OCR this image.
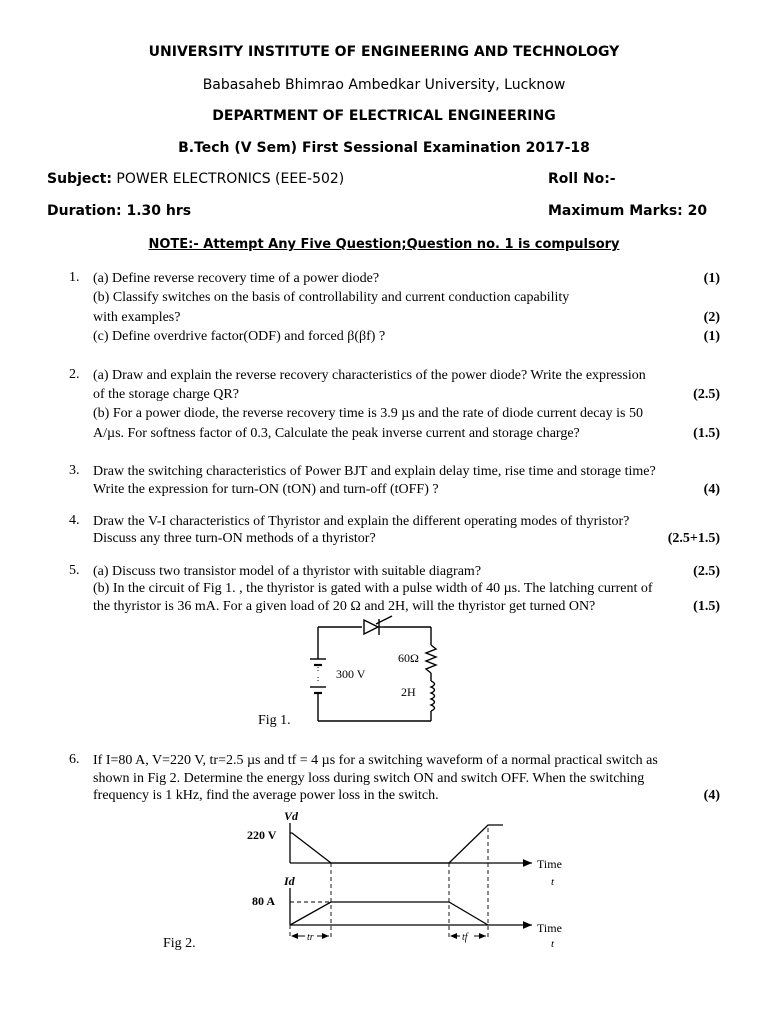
UNIVERSITY INSTITUTE OF ENGINEERING AND TECHNOLOGY
Babasaheb Bhimrao Ambedkar University, Lucknow
DEPARTMENT OF ELECTRICAL ENGINEERING
B.Tech (V Sem) First Sessional Examination 2017-18
Subject: POWER ELECTRONICS (EEE-502)	Roll No:-
Duration: 1.30 hrs	Maximum Marks: 20
NOTE:- Attempt Any Five Question;Question no. 1 is compulsory
1. (a) Define reverse recovery time of a power diode?	(1)
(b) Classify switches on the basis of controllability and current conduction capability
with examples?	(2)
(c) Define overdrive factor(ODF) and forced β(βf) ?	(1)
2. (a) Draw and explain the reverse recovery characteristics of the power diode? Write the expression
of the storage charge QR?	(2.5)
(b) For a power diode, the reverse recovery time is 3.9 µs and the rate of diode current decay is 50
A/µs. For softness factor of 0.3, Calculate the peak inverse current and storage charge?	(1.5)
3. Draw the switching characteristics of Power BJT and explain delay time, rise time and storage time?
Write the expression for turn-ON (tON) and turn-off (tOFF) ?	(4)
4. Draw the V-I characteristics of Thyristor and explain the different operating modes of thyristor?
Discuss any three turn-ON methods of a thyristor?	(2.5+1.5)
5. (a) Discuss two transistor model of a thyristor with suitable diagram?	(2.5)
(b) In the circuit of Fig 1. , the thyristor is gated with a pulse width of 40 µs. The latching current of
the thyristor is 36 mA. For a given load of 20 Ω and 2H, will the thyristor get turned ON?	(1.5)
Fig 1.
300 V
60Ω
2H
6. If I=80 A, V=220 V, tr=2.5 µs and tf = 4 µs for a switching waveform of a normal practical switch as
shown in Fig 2. Determine the energy loss during switch ON and switch OFF. When the switching
frequency is 1 kHz, find the average power loss in the switch.	(4)
Fig 2.
Vd
220 V
Time
t
Id
80 A
Time
t
tr	tf
